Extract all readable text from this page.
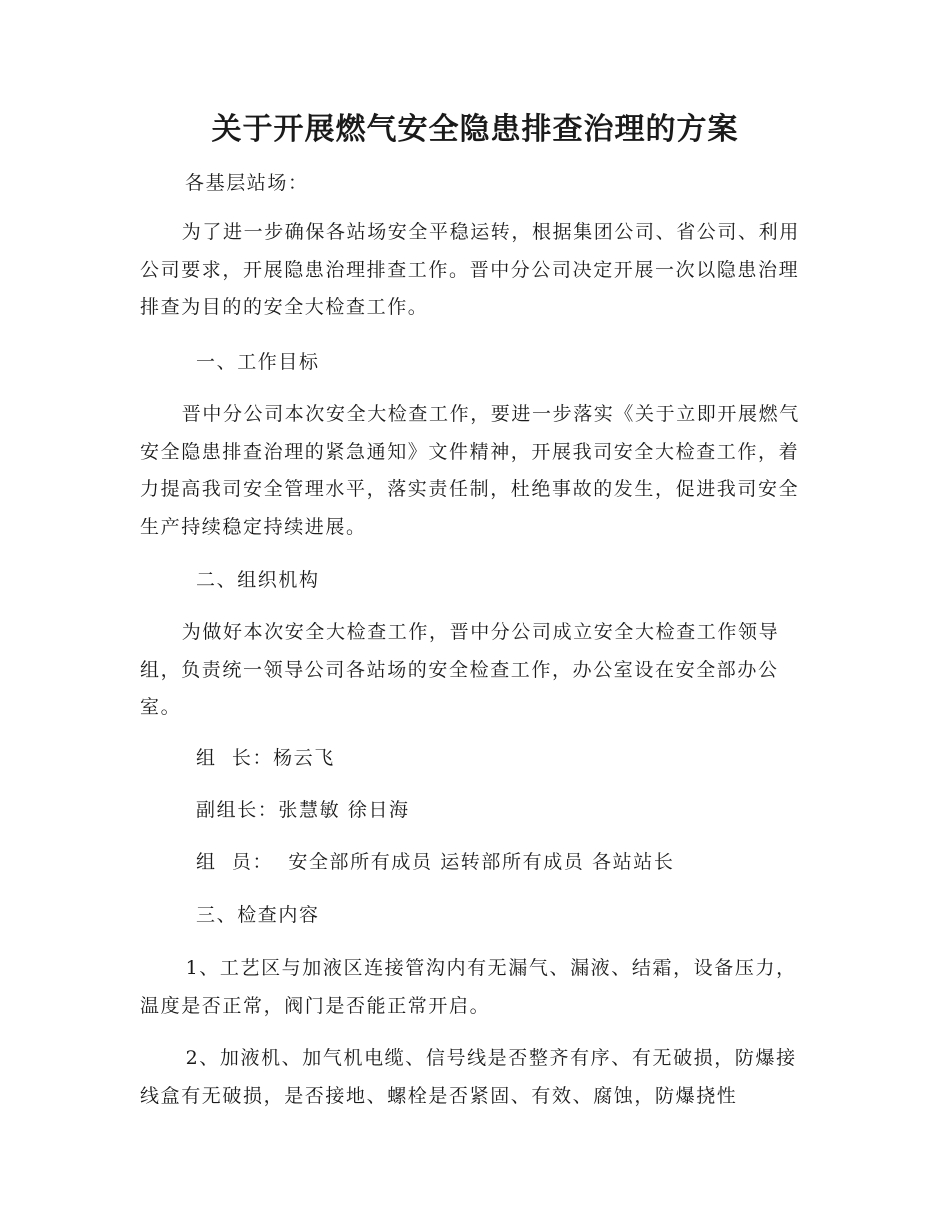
关于开展燃气安全隐患排查治理的方案

各基层站场：

为了进一步确保各站场安全平稳运转，根据集团公司、省公司、利用公司要求，开展隐患治理排查工作。晋中分公司决定开展一次以隐患治理排查为目的的安全大检查工作。

一、工作目标

晋中分公司本次安全大检查工作，要进一步落实《关于立即开展燃气安全隐患排查治理的紧急通知》文件精神，开展我司安全大检查工作，着力提高我司安全管理水平，落实责任制，杜绝事故的发生，促进我司安全生产持续稳定持续进展。

二、组织机构

为做好本次安全大检查工作，晋中分公司成立安全大检查工作领导组，负责统一领导公司各站场的安全检查工作，办公室设在安全部办公室。

组  长：杨云飞

副组长：张慧敏 徐日海

组  员：  安全部所有成员 运转部所有成员 各站站长

三、检查内容

1、工艺区与加液区连接管沟内有无漏气、漏液、结霜，设备压力，温度是否正常，阀门是否能正常开启。

2、加液机、加气机电缆、信号线是否整齐有序、有无破损，防爆接线盒有无破损，是否接地、螺栓是否紧固、有效、腐蚀，防爆挠性
